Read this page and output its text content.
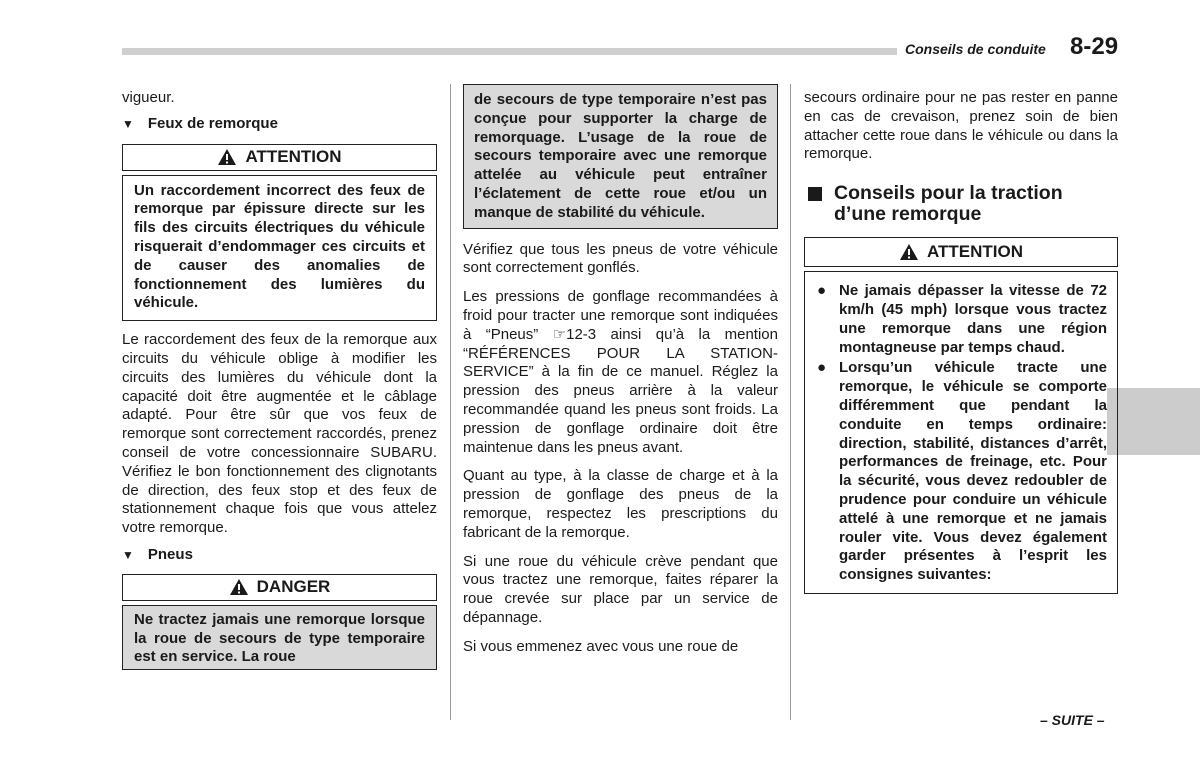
Conseils de conduite 8-29

vigueur.

▼ Feux de remorque
ATTENTION

Un raccordement incorrect des feux de remorque par épissure directe sur les fils des circuits électriques du véhicule risquerait d’endommager ces circuits et de causer des anomalies de fonctionnement des lumières du véhicule.

Le raccordement des feux de la remorque aux circuits du véhicule oblige à modifier les circuits des lumières du véhicule dont la capacité doit être augmentée et le câblage adapté. Pour être sûr que vos feux de remorque sont correctement raccordés, prenez conseil de votre concessionnaire SUBARU. Vérifiez le bon fonctionnement des clignotants de direction, des feux stop et des feux de stationnement chaque fois que vous attelez votre remorque.

▼ Pneus
DANGER

Ne tractez jamais une remorque lorsque la roue de secours de type temporaire est en service. La roue

de secours de type temporaire n’est pas conçue pour supporter la charge de remorquage. L’usage de la roue de secours temporaire avec une remorque attelée au véhicule peut entraîner l’éclatement de cette roue et/ou un manque de stabilité du véhicule.

Vérifiez que tous les pneus de votre véhicule sont correctement gonflés.

Les pressions de gonflage recommandées à froid pour tracter une remorque sont indiquées à “Pneus” ☞12-3 ainsi qu’à la mention “RÉFÉRENCES POUR LA STATION-SERVICE” à la fin de ce manuel. Réglez la pression des pneus arrière à la valeur recommandée quand les pneus sont froids. La pression de gonflage ordinaire doit être maintenue dans les pneus avant.

Quant au type, à la classe de charge et à la pression de gonflage des pneus de la remorque, respectez les prescriptions du fabricant de la remorque.

Si une roue du véhicule crève pendant que vous tractez une remorque, faites réparer la roue crevée sur place par un service de dépannage.

Si vous emmenez avec vous une roue de

secours ordinaire pour ne pas rester en panne en cas de crevaison, prenez soin de bien attacher cette roue dans le véhicule ou dans la remorque.

Conseils pour la traction
d’une remorque
ATTENTION
● Ne jamais dépasser la vitesse de 72 km/h (45 mph) lorsque vous tractez une remorque dans une région montagneuse par temps chaud.
● Lorsqu’un véhicule tracte une remorque, le véhicule se comporte différemment que pendant la conduite en temps ordinaire: direction, stabilité, distances d’arrêt, performances de freinage, etc. Pour la sécurité, vous devez redoubler de prudence pour conduire un véhicule attelé à une remorque et ne jamais rouler vite. Vous devez également garder présentes à l’esprit les consignes suivantes:
– SUITE –
